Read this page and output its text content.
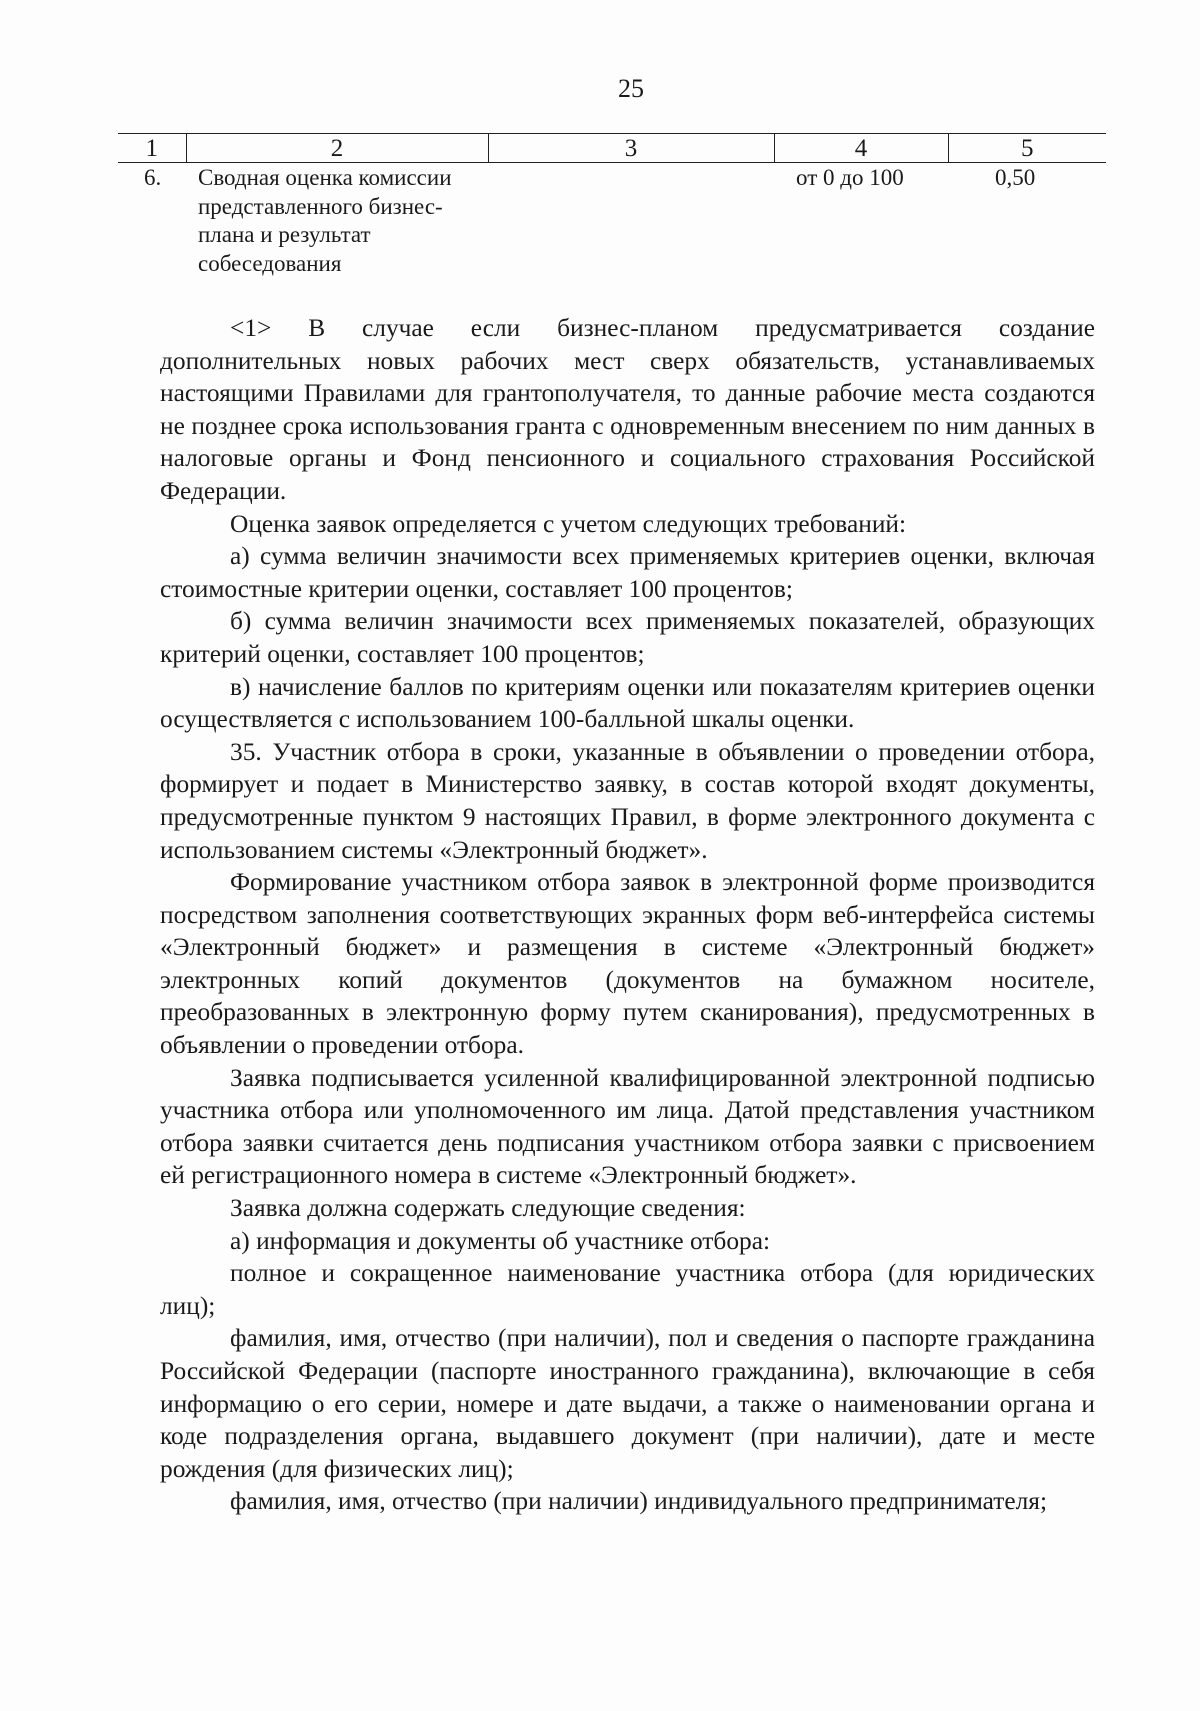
25
1	2	3	4	5
6.	Сводная оценка комиссии представленного бизнес-плана и результат собеседования		от 0 до 100	0,50

<1> В случае если бизнес-планом предусматривается создание дополнительных новых рабочих мест сверх обязательств, устанавливаемых настоящими Правилами для грантополучателя, то данные рабочие места создаются не позднее срока использования гранта с одновременным внесением по ним данных в налоговые органы и Фонд пенсионного и социального страхования Российской Федерации.

Оценка заявок определяется с учетом следующих требований:

а) сумма величин значимости всех применяемых критериев оценки, включая стоимостные критерии оценки, составляет 100 процентов;

б) сумма величин значимости всех применяемых показателей, образующих критерий оценки, составляет 100 процентов;

в) начисление баллов по критериям оценки или показателям критериев оценки осуществляется с использованием 100-балльной шкалы оценки.

35. Участник отбора в сроки, указанные в объявлении о проведении отбора, формирует и подает в Министерство заявку, в состав которой входят документы, предусмотренные пунктом 9 настоящих Правил, в форме электронного документа с использованием системы «Электронный бюджет».

Формирование участником отбора заявок в электронной форме производится посредством заполнения соответствующих экранных форм веб-интерфейса системы «Электронный бюджет» и размещения в системе «Электронный бюджет» электронных копий документов (документов на бумажном носителе, преобразованных в электронную форму путем сканирования), предусмотренных в объявлении о проведении отбора.

Заявка подписывается усиленной квалифицированной электронной подписью участника отбора или уполномоченного им лица. Датой представления участником отбора заявки считается день подписания участником отбора заявки с присвоением ей регистрационного номера в системе «Электронный бюджет».

Заявка должна содержать следующие сведения:

а) информация и документы об участнике отбора:

полное и сокращенное наименование участника отбора (для юридических лиц);

фамилия, имя, отчество (при наличии), пол и сведения о паспорте гражданина Российской Федерации (паспорте иностранного гражданина), включающие в себя информацию о его серии, номере и дате выдачи, а также о наименовании органа и коде подразделения органа, выдавшего документ (при наличии), дате и месте рождения (для физических лиц);

фамилия, имя, отчество (при наличии) индивидуального предпринимателя;
